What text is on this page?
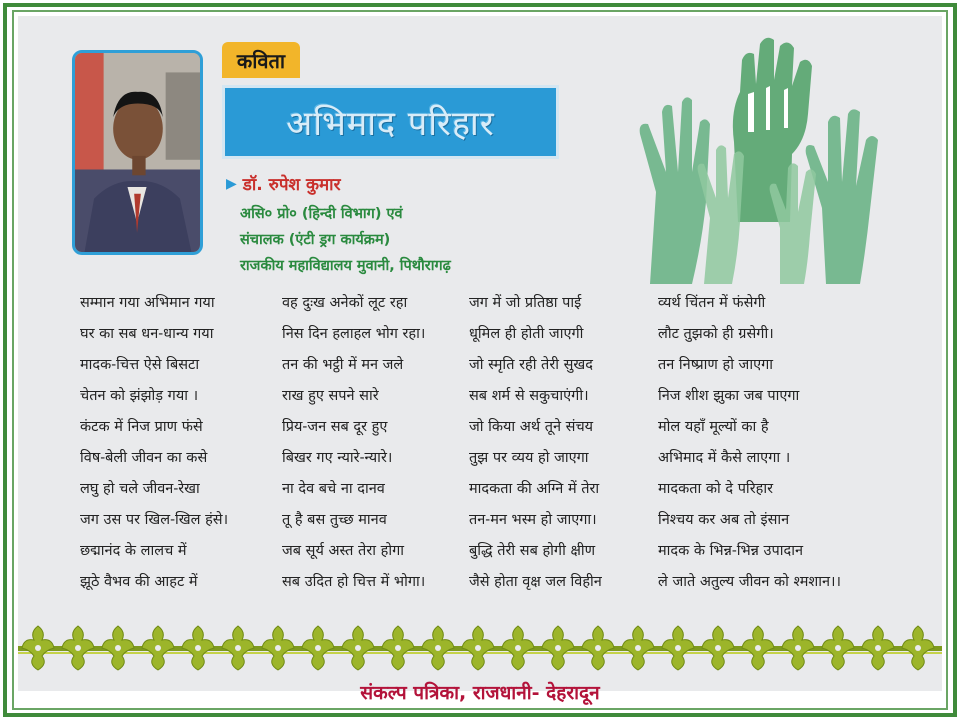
कविता
अभिमाद परिहार
▶ डॉ. रुपेश कुमार
असि० प्रो० (हिन्दी विभाग) एवं
संचालक (एंटी ड्रग कार्यक्रम)
राजकीय महाविद्यालय मुवानी, पिथौरागढ़
सम्मान गया अभिमान गया
घर का सब धन-धान्य गया
मादक-चित्त ऐसे बिसटा
चेतन को झंझोड़ गया ।
कंटक में निज प्राण फंसे
विष-बेली जीवन का कसे
लघु हो चले जीवन-रेखा
जग उस पर खिल-खिल हंसे।
छद्मानंद के लालच में
झूठे वैभव की आहट में
वह दुःख अनेकों लूट रहा
निस दिन हलाहल भोग रहा।
तन की भट्ठी में मन जले
राख हुए सपने सारे
प्रिय-जन सब दूर हुए
बिखर गए न्यारे-न्यारे।
ना देव बचे ना दानव
तू है बस तुच्छ मानव
जब सूर्य अस्त तेरा होगा
सब उदित हो चित्त में भोगा।
जग में जो प्रतिष्ठा पाई
धूमिल ही होती जाएगी
जो स्मृति रही तेरी सुखद
सब शर्म से सकुचाएंगी।
जो किया अर्थ तूने संचय
तुझ पर व्यय हो जाएगा
मादकता की अग्नि में तेरा
तन-मन भस्म हो जाएगा।
बुद्धि तेरी सब होगी क्षीण
जैसे होता वृक्ष जल विहीन
व्यर्थ चिंतन में फंसेगी
लौट तुझको ही ग्रसेगी।
तन निष्प्राण हो जाएगा
निज शीश झुका जब पाएगा
मोल यहाँ मूल्यों का है
अभिमाद में कैसे लाएगा ।
मादकता को दे परिहार
निश्चय कर अब तो इंसान
मादक के भिन्न-भिन्न उपादान
ले जाते अतुल्य जीवन को श्मशान।।
संकल्प पत्रिका, राजधानी- देहरादून
